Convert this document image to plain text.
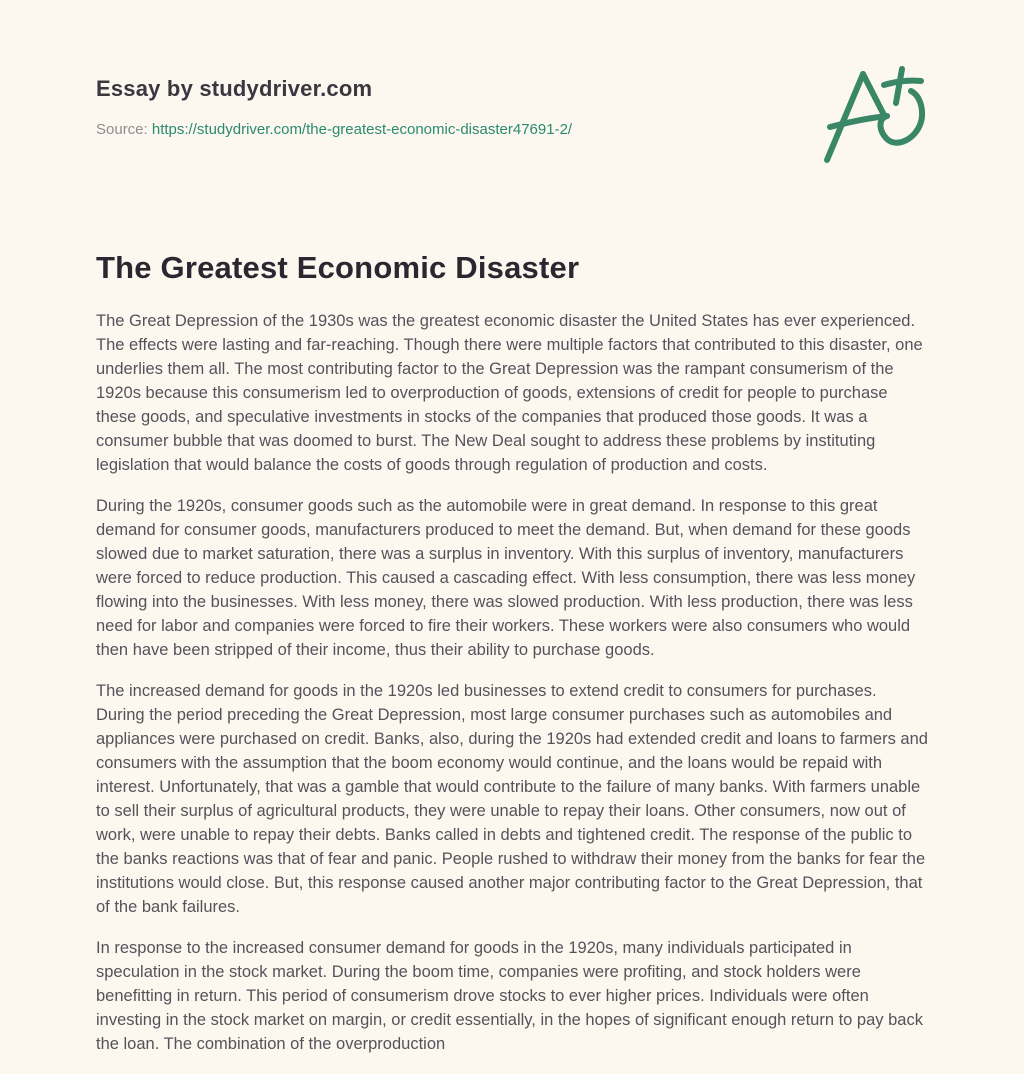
Essay by studydriver.com
Source: https://studydriver.com/the-greatest-economic-disaster47691-2/
The Greatest Economic Disaster

The Great Depression of the 1930s was the greatest economic disaster the United States has ever experienced. The effects were lasting and far-reaching. Though there were multiple factors that contributed to this disaster, one underlies them all. The most contributing factor to the Great Depression was the rampant consumerism of the 1920s because this consumerism led to overproduction of goods, extensions of credit for people to purchase these goods, and speculative investments in stocks of the companies that produced those goods. It was a consumer bubble that was doomed to burst. The New Deal sought to address these problems by instituting legislation that would balance the costs of goods through regulation of production and costs.

During the 1920s, consumer goods such as the automobile were in great demand. In response to this great demand for consumer goods, manufacturers produced to meet the demand. But, when demand for these goods slowed due to market saturation, there was a surplus in inventory. With this surplus of inventory, manufacturers were forced to reduce production. This caused a cascading effect. With less consumption, there was less money flowing into the businesses. With less money, there was slowed production. With less production, there was less need for labor and companies were forced to fire their workers. These workers were also consumers who would then have been stripped of their income, thus their ability to purchase goods.

The increased demand for goods in the 1920s led businesses to extend credit to consumers for purchases. During the period preceding the Great Depression, most large consumer purchases such as automobiles and appliances were purchased on credit. Banks, also, during the 1920s had extended credit and loans to farmers and consumers with the assumption that the boom economy would continue, and the loans would be repaid with interest. Unfortunately, that was a gamble that would contribute to the failure of many banks. With farmers unable to sell their surplus of agricultural products, they were unable to repay their loans. Other consumers, now out of work, were unable to repay their debts. Banks called in debts and tightened credit. The response of the public to the banks reactions was that of fear and panic. People rushed to withdraw their money from the banks for fear the institutions would close. But, this response caused another major contributing factor to the Great Depression, that of the bank failures.

In response to the increased consumer demand for goods in the 1920s, many individuals participated in speculation in the stock market. During the boom time, companies were profiting, and stock holders were benefitting in return. This period of consumerism drove stocks to ever higher prices. Individuals were often investing in the stock market on margin, or credit essentially, in the hopes of significant enough return to pay back the loan. The combination of the overproduction
